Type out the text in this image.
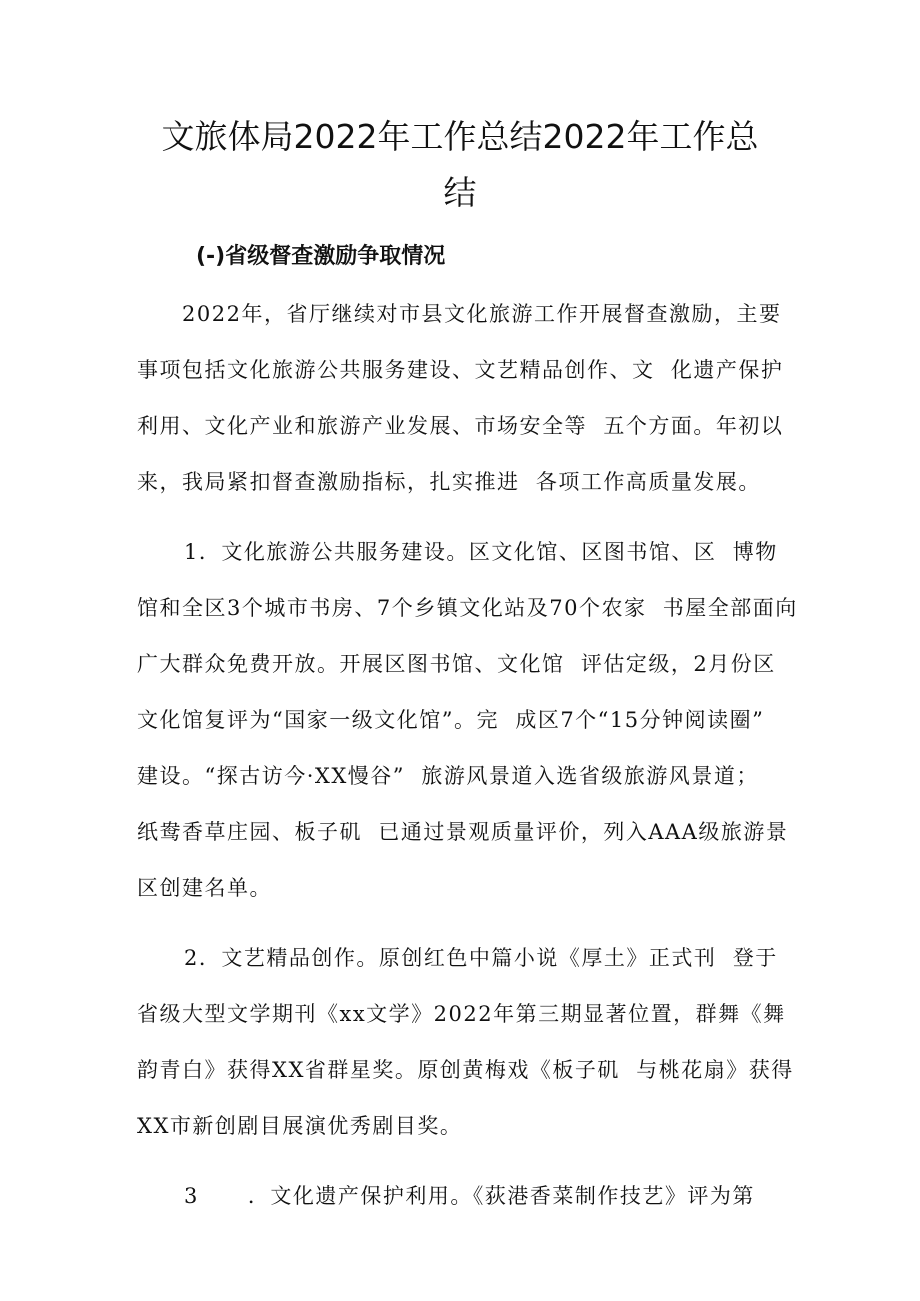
文旅体局2022年工作总结2022年工作总
结
(-)省级督查激励争取情况
2022年，省厅继续对市县文化旅游工作开展督查激励，主要
事项包括文化旅游公共服务建设、文艺精品创作、文  化遗产保护
利用、文化产业和旅游产业发展、市场安全等  五个方面。年初以
来，我局紧扣督查激励指标，扎实推进  各项工作高质量发展。
1．文化旅游公共服务建设。区文化馆、区图书馆、区  博物
馆和全区3个城市书房、7个乡镇文化站及70个农家  书屋全部面向
广大群众免费开放。开展区图书馆、文化馆  评估定级，2月份区
文化馆复评为“国家一级文化馆”。完  成区7个“15分钟阅读圈”
建设。“探古访今·XX慢谷”  旅游风景道入选省级旅游风景道；
纸鸯香草庄园、板子矶  已通过景观质量评价，列入AAA级旅游景
区创建名单。
2．文艺精品创作。原创红色中篇小说《厚土》正式刊  登于
省级大型文学期刊《xx文学》2022年第三期显著位置，群舞《舞
韵青白》获得XX省群星奖。原创黄梅戏《板子矶  与桃花扇》获得
XX市新创剧目展演优秀剧目奖。
3      ．文化遗产保护利用。《荻港香菜制作技艺》评为第
